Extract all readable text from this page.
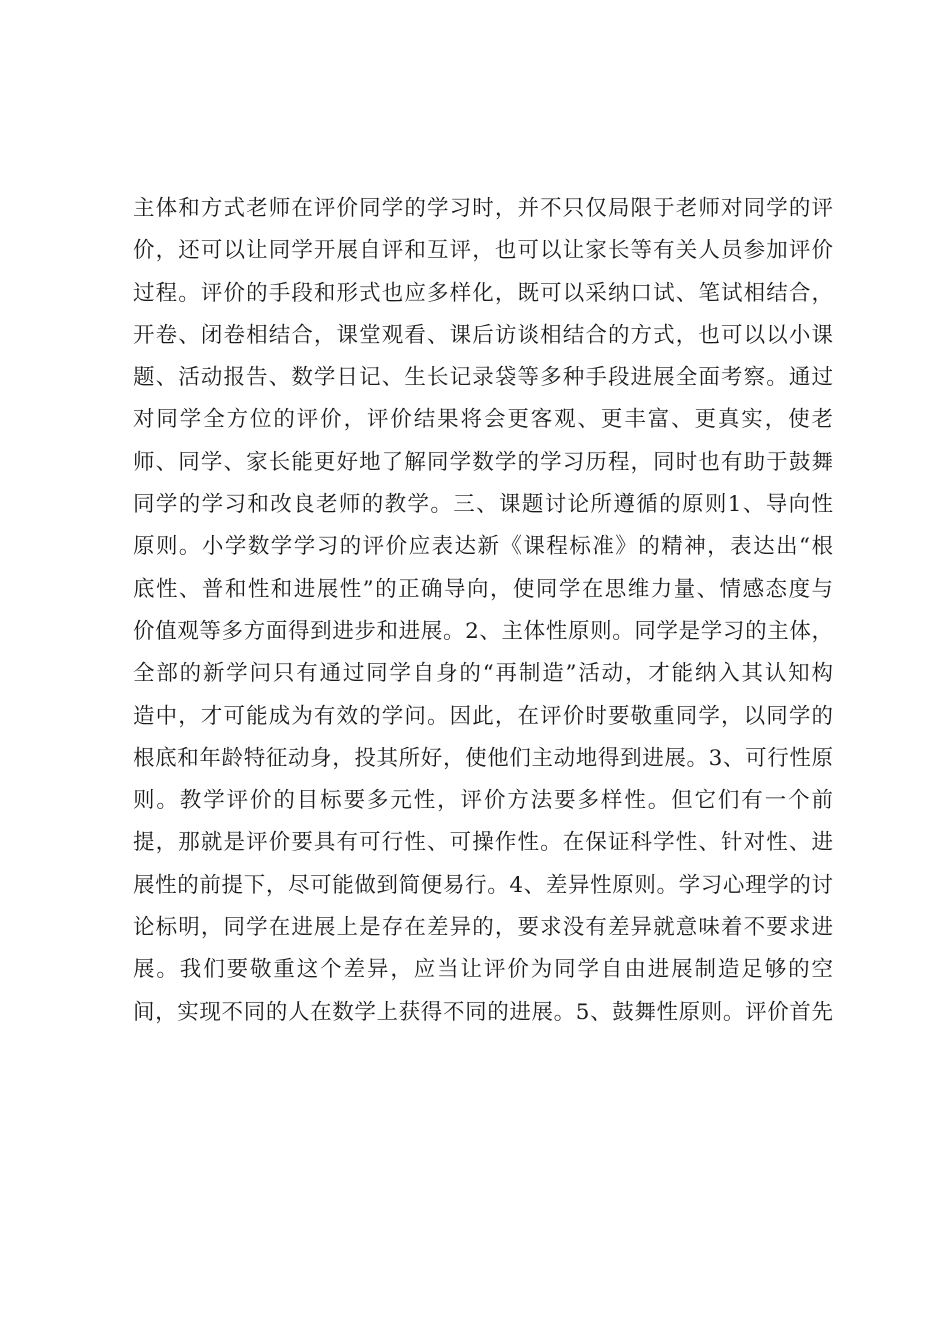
主体和方式老师在评价同学的学习时，并不只仅局限于老师对同学的评
价，还可以让同学开展自评和互评，也可以让家长等有关人员参加评价
过程。评价的手段和形式也应多样化，既可以采纳口试、笔试相结合，
开卷、闭卷相结合，课堂观看、课后访谈相结合的方式，也可以以小课
题、活动报告、数学日记、生长记录袋等多种手段进展全面考察。通过
对同学全方位的评价，评价结果将会更客观、更丰富、更真实，使老
师、同学、家长能更好地了解同学数学的学习历程，同时也有助于鼓舞
同学的学习和改良老师的教学。三、课题讨论所遵循的原则1、导向性
原则。小学数学学习的评价应表达新《课程标准》的精神，表达出“根
底性、普和性和进展性”的正确导向，使同学在思维力量、情感态度与
价值观等多方面得到进步和进展。2、主体性原则。同学是学习的主体，
全部的新学问只有通过同学自身的“再制造”活动，才能纳入其认知构
造中，才可能成为有效的学问。因此，在评价时要敬重同学，以同学的
根底和年龄特征动身，投其所好，使他们主动地得到进展。3、可行性原
则。教学评价的目标要多元性，评价方法要多样性。但它们有一个前
提，那就是评价要具有可行性、可操作性。在保证科学性、针对性、进
展性的前提下，尽可能做到简便易行。4、差异性原则。学习心理学的讨
论标明，同学在进展上是存在差异的，要求没有差异就意味着不要求进
展。我们要敬重这个差异，应当让评价为同学自由进展制造足够的空
间，实现不同的人在数学上获得不同的进展。5、鼓舞性原则。评价首先
